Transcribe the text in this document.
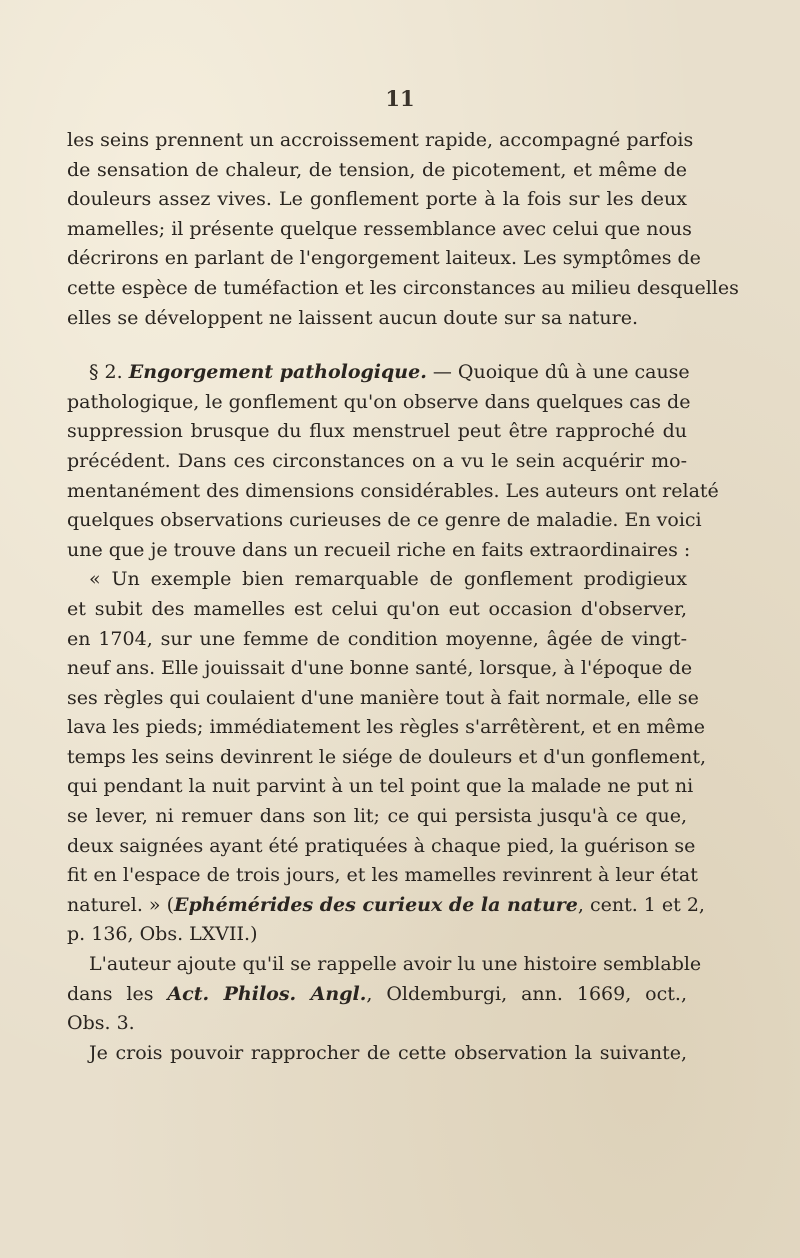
11
les seins prennent un accroissement rapide, accompagné parfois
de sensation de chaleur, de tension, de picotement, et même de
douleurs assez vives. Le gonflement porte à la fois sur les deux
mamelles; il présente quelque ressemblance avec celui que nous
décrirons en parlant de l'engorgement laiteux. Les symptômes de
cette espèce de tuméfaction et les circonstances au milieu desquelles
elles se développent ne laissent aucun doute sur sa nature.
§ 2. Engorgement pathologique. — Quoique dû à une cause
pathologique, le gonflement qu'on observe dans quelques cas de
suppression brusque du flux menstruel peut être rapproché du
précédent. Dans ces circonstances on a vu le sein acquérir mo-
mentanément des dimensions considérables. Les auteurs ont relaté
quelques observations curieuses de ce genre de maladie. En voici
une que je trouve dans un recueil riche en faits extraordinaires :
« Un exemple bien remarquable de gonflement prodigieux
et subit des mamelles est celui qu'on eut occasion d'observer,
en 1704, sur une femme de condition moyenne, âgée de vingt-
neuf ans. Elle jouissait d'une bonne santé, lorsque, à l'époque de
ses règles qui coulaient d'une manière tout à fait normale, elle se
lava les pieds; immédiatement les règles s'arrêtèrent, et en même
temps les seins devinrent le siége de douleurs et d'un gonflement,
qui pendant la nuit parvint à un tel point que la malade ne put ni
se lever, ni remuer dans son lit; ce qui persista jusqu'à ce que,
deux saignées ayant été pratiquées à chaque pied, la guérison se
fit en l'espace de trois jours, et les mamelles revinrent à leur état
naturel. » (Ephémérides des curieux de la nature, cent. 1 et 2,
p. 136, Obs. LXVII.)
L'auteur ajoute qu'il se rappelle avoir lu une histoire semblable
dans les Act. Philos. Angl., Oldemburgi, ann. 1669, oct.,
Obs. 3.
Je crois pouvoir rapprocher de cette observation la suivante,
